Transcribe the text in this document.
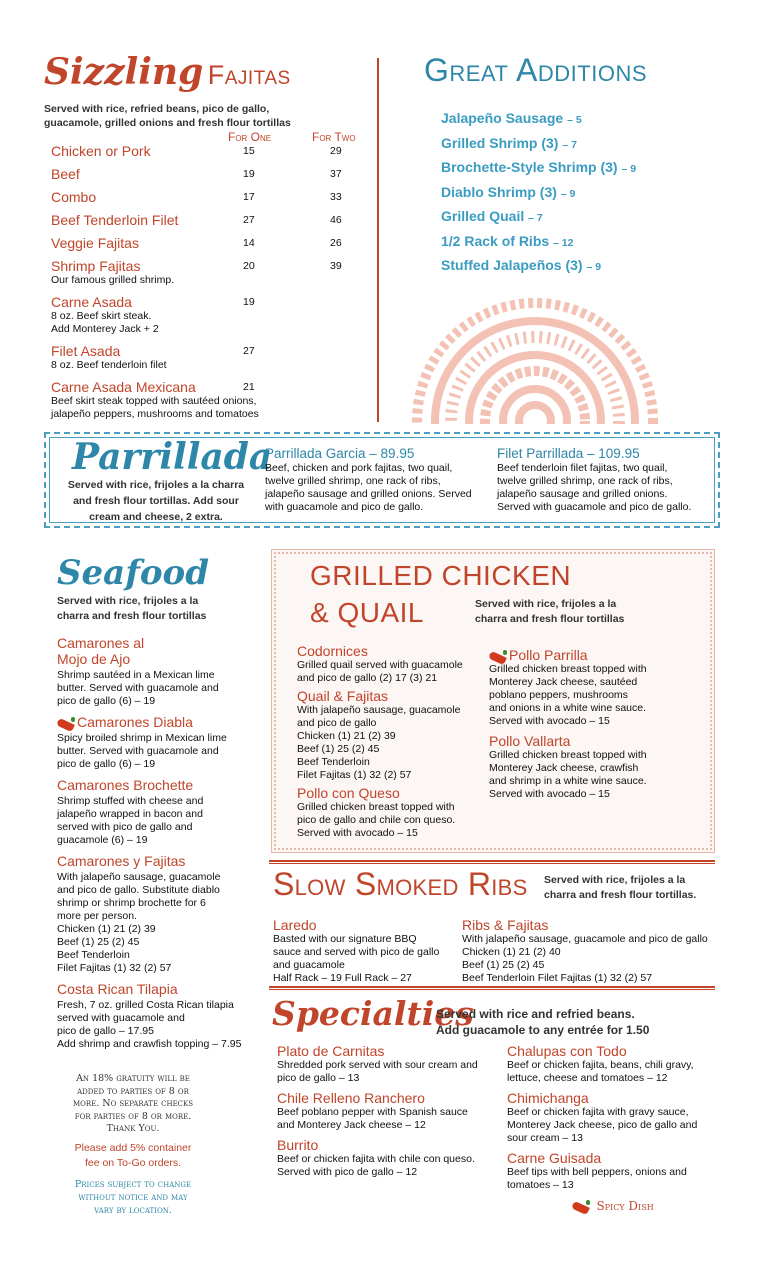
Sizzling Fajitas
Served with rice, refried beans, pico de gallo,
guacamole, grilled onions and fresh flour tortillas
For One	For Two
Chicken or Pork	15	29
Beef	19	37
Combo	17	33
Beef Tenderloin Filet	27	46
Veggie Fajitas	14	26
Shrimp Fajitas	20	39
Our famous grilled shrimp.
Carne Asada	19
8 oz. Beef skirt steak.
Add Monterey Jack + 2
Filet Asada	27
8 oz. Beef tenderloin filet
Carne Asada Mexicana	21
Beef skirt steak topped with sautéed onions,
jalapeño peppers, mushrooms and tomatoes
Great Additions
Jalapeño Sausage – 5
Grilled Shrimp (3) – 7
Brochette-Style Shrimp (3) – 9
Diablo Shrimp (3) – 9
Grilled Quail – 7
1/2 Rack of Ribs – 12
Stuffed Jalapeños (3) – 9
Parrillada
Served with rice, frijoles a la charra
and fresh flour tortillas. Add sour
cream and cheese, 2 extra.
Parrillada Garcia – 89.95
Beef, chicken and pork fajitas, two quail,
twelve grilled shrimp, one rack of ribs,
jalapeño sausage and grilled onions. Served
with guacamole and pico de gallo.
Filet Parrillada – 109.95
Beef tenderloin filet fajitas, two quail,
twelve grilled shrimp, one rack of ribs,
jalapeño sausage and grilled onions.
Served with guacamole and pico de gallo.
Seafood
Served with rice, frijoles a la
charra and fresh flour tortillas
Camarones al
Mojo de Ajo
Shrimp sautéed in a Mexican lime
butter. Served with guacamole and
pico de gallo (6) – 19
Camarones Diabla
Spicy broiled shrimp in Mexican lime
butter. Served with guacamole and
pico de gallo (6) – 19
Camarones Brochette
Shrimp stuffed with cheese and
jalapeño wrapped in bacon and
served with pico de gallo and
guacamole (6) – 19
Camarones y Fajitas
With jalapeño sausage, guacamole
and pico de gallo. Substitute diablo
shrimp or shrimp brochette for 6
more per person.
Chicken (1) 21 (2) 39
Beef (1) 25 (2) 45
Beef Tenderloin
Filet Fajitas (1) 32 (2) 57
Costa Rican Tilapia
Fresh, 7 oz. grilled Costa Rican tilapia
served with guacamole and
pico de gallo – 17.95
Add shrimp and crawfish topping – 7.95
An 18% gratuity will be
added to parties of 8 or
more. No separate checks
for parties of 8 or more.
Thank You.
Please add 5% container
fee on To-Go orders.
Prices subject to change
without notice and may
vary by location.
GRILLED CHICKEN
& QUAIL	Served with rice, frijoles a la
charra and fresh flour tortillas
Codornices
Grilled quail served with guacamole
and pico de gallo (2) 17 (3) 21
Quail & Fajitas
With jalapeño sausage, guacamole
and pico de gallo
Chicken (1) 21 (2) 39
Beef (1) 25 (2) 45
Beef Tenderloin
Filet Fajitas (1) 32 (2) 57
Pollo con Queso
Grilled chicken breast topped with
pico de gallo and chile con queso.
Served with avocado – 15
Pollo Parrilla
Grilled chicken breast topped with
Monterey Jack cheese, sautéed
poblano peppers, mushrooms
and onions in a white wine sauce.
Served with avocado – 15
Pollo Vallarta
Grilled chicken breast topped with
Monterey Jack cheese, crawfish
and shrimp in a white wine sauce.
Served with avocado – 15
Slow Smoked Ribs Served with rice, frijoles a la
charra and fresh flour tortillas.
Laredo
Basted with our signature BBQ
sauce and served with pico de gallo
and guacamole
Half Rack – 19 Full Rack – 27
Ribs & Fajitas
With jalapeño sausage, guacamole and pico de gallo
Chicken (1) 21 (2) 40
Beef (1) 25 (2) 45
Beef Tenderloin Filet Fajitas (1) 32 (2) 57
Specialties
Served with rice and refried beans.
Add guacamole to any entrée for 1.50
Plato de Carnitas
Shredded pork served with sour cream and
pico de gallo – 13
Chile Relleno Ranchero
Beef poblano pepper with Spanish sauce
and Monterey Jack cheese – 12
Burrito
Beef or chicken fajita with chile con queso.
Served with pico de gallo – 12
Chalupas con Todo
Beef or chicken fajita, beans, chili gravy,
lettuce, cheese and tomatoes – 12
Chimichanga
Beef or chicken fajita with gravy sauce,
Monterey Jack cheese, pico de gallo and
sour cream – 13
Carne Guisada
Beef tips with bell peppers, onions and
tomatoes – 13
Spicy Dish
